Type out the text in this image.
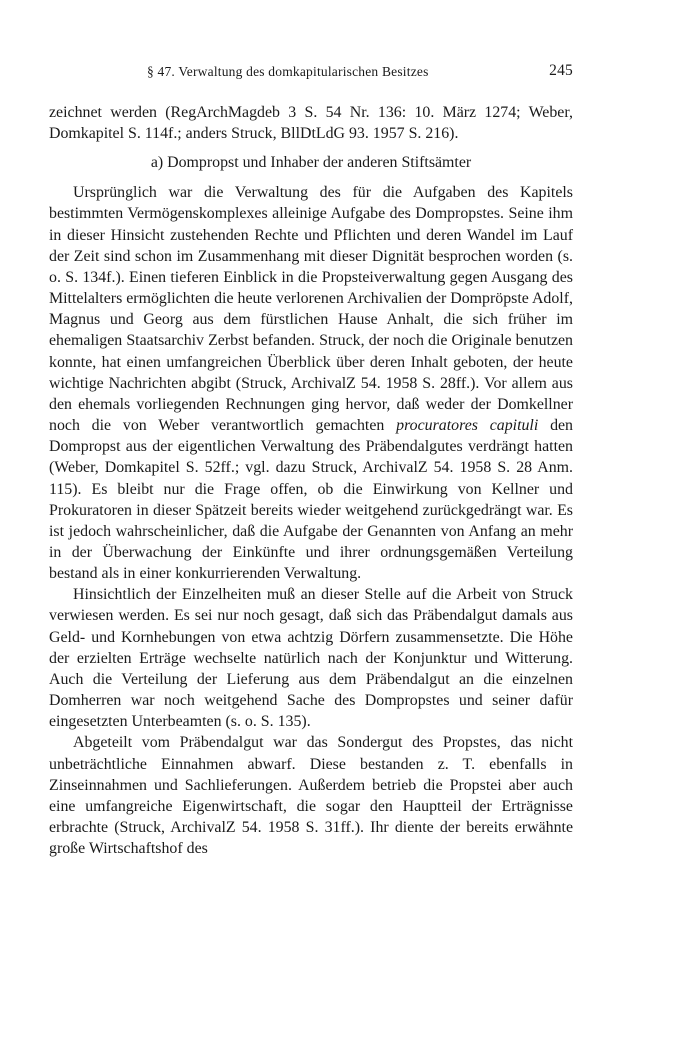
§ 47. Verwaltung des domkapitularischen Besitzes	245

zeichnet werden (RegArchMagdeb 3 S. 54 Nr. 136: 10. März 1274; Weber, Domkapitel S. 114f.; anders Struck, BllDtLdG 93. 1957 S. 216).

a) Dompropst und Inhaber der anderen Stiftsämter

Ursprünglich war die Verwaltung des für die Aufgaben des Kapitels bestimmten Vermögenskomplexes alleinige Aufgabe des Dompropstes. Seine ihm in dieser Hinsicht zustehenden Rechte und Pflichten und deren Wandel im Lauf der Zeit sind schon im Zusammenhang mit dieser Dignität besprochen worden (s. o. S. 134f.). Einen tieferen Einblick in die Propsteiverwaltung gegen Ausgang des Mittelalters ermöglichten die heute verlorenen Archivalien der Dompröpste Adolf, Magnus und Georg aus dem fürstlichen Hause Anhalt, die sich früher im ehemaligen Staatsarchiv Zerbst befanden. Struck, der noch die Originale benutzen konnte, hat einen umfangreichen Überblick über deren Inhalt geboten, der heute wichtige Nachrichten abgibt (Struck, ArchivalZ 54. 1958 S. 28ff.). Vor allem aus den ehemals vorliegenden Rechnungen ging hervor, daß weder der Domkellner noch die von Weber verantwortlich gemachten procuratores capituli den Dompropst aus der eigentlichen Verwaltung des Präbendalgutes verdrängt hatten (Weber, Domkapitel S. 52ff.; vgl. dazu Struck, ArchivalZ 54. 1958 S. 28 Anm. 115). Es bleibt nur die Frage offen, ob die Einwirkung von Kellner und Prokuratoren in dieser Spätzeit bereits wieder weitgehend zurückgedrängt war. Es ist jedoch wahrscheinlicher, daß die Aufgabe der Genannten von Anfang an mehr in der Überwachung der Einkünfte und ihrer ordnungsgemäßen Verteilung bestand als in einer konkurrierenden Verwaltung.

Hinsichtlich der Einzelheiten muß an dieser Stelle auf die Arbeit von Struck verwiesen werden. Es sei nur noch gesagt, daß sich das Präbendalgut damals aus Geld- und Kornhebungen von etwa achtzig Dörfern zusammensetzte. Die Höhe der erzielten Erträge wechselte natürlich nach der Konjunktur und Witterung. Auch die Verteilung der Lieferung aus dem Präbendalgut an die einzelnen Domherren war noch weitgehend Sache des Dompropstes und seiner dafür eingesetzten Unterbeamten (s. o. S. 135).

Abgeteilt vom Präbendalgut war das Sondergut des Propstes, das nicht unbeträchtliche Einnahmen abwarf. Diese bestanden z. T. ebenfalls in Zinseinnahmen und Sachlieferungen. Außerdem betrieb die Propstei aber auch eine umfangreiche Eigenwirtschaft, die sogar den Hauptteil der Erträgnisse erbrachte (Struck, ArchivalZ 54. 1958 S. 31ff.). Ihr diente der bereits erwähnte große Wirtschaftshof des
